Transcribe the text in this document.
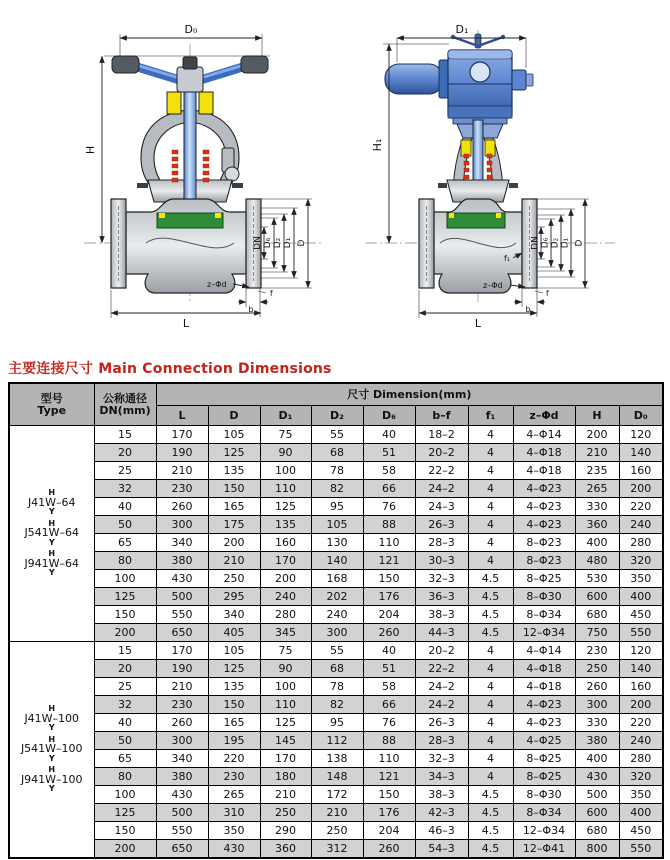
D₀
H
DN D₆ D₂ D₁ D
z–Φd
b
f
L
D₁
H₁
DN D₆ D₂ D₁ D
f₁
z–Φd
b
f
L
主要连接尺寸 Main Connection Dimensions
型号
Type	公称通径
DN(mm)	尺寸 Dimension(mm)									
		L	D	D₁	D₂	D₆	b–f	f₁	z–Φd	H	D₀

H
J41W–64
Y
H
J541W–64
Y
H
J941W–64
Y
	15	170	105	75	55	40	18–2	4	4–Φ14	200	120
	20	190	125	90	68	51	20–2	4	4–Φ18	210	140
	25	210	135	100	78	58	22–2	4	4–Φ18	235	160
	32	230	150	110	82	66	24–2	4	4–Φ23	265	200
	40	260	165	125	95	76	24–3	4	4–Φ23	330	220
	50	300	175	135	105	88	26–3	4	4–Φ23	360	240
	65	340	200	160	130	110	28–3	4	8–Φ23	400	280
	80	380	210	170	140	121	30–3	4	8–Φ23	480	320
	100	430	250	200	168	150	32–3	4.5	8–Φ25	530	350
	125	500	295	240	202	176	36–3	4.5	8–Φ30	600	400
	150	550	340	280	240	204	38–3	4.5	8–Φ34	680	450
	200	650	405	345	300	260	44–3	4.5	12–Φ34	750	550

H
J41W–100
Y
H
J541W–100
Y
H
J941W–100
Y
	15	170	105	75	55	40	20–2	4	4–Φ14	230	120
	20	190	125	90	68	51	22–2	4	4–Φ18	250	140
	25	210	135	100	78	58	24–2	4	4–Φ18	260	160
	32	230	150	110	82	66	24–2	4	4–Φ23	300	200
	40	260	165	125	95	76	26–3	4	4–Φ23	330	220
	50	300	195	145	112	88	28–3	4	4–Φ25	380	240
	65	340	220	170	138	110	32–3	4	8–Φ25	400	280
	80	380	230	180	148	121	34–3	4	8–Φ25	430	320
	100	430	265	210	172	150	38–3	4.5	8–Φ30	500	350
	125	500	310	250	210	176	42–3	4.5	8–Φ34	600	400
	150	550	350	290	250	204	46–3	4.5	12–Φ34	680	450
	200	650	430	360	312	260	54–3	4.5	12–Φ41	800	550
